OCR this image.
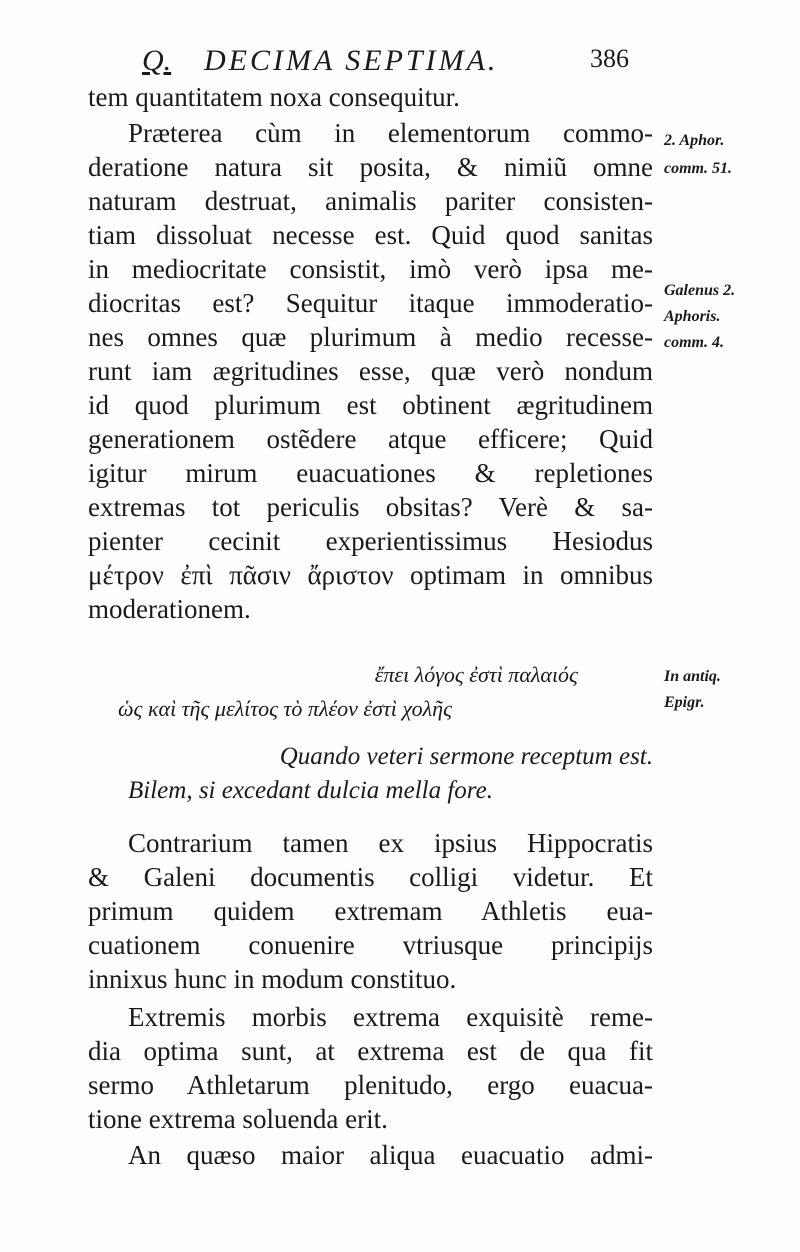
Q. DECIMA SEPTIMA.	386
tem quantitatem noxa consequitur.
Præterea cùm in elementorum commo-
deratione natura sit posita, & nimiũ omne
naturam destruat, animalis pariter consisten-
tiam dissoluat necesse est. Quid quod sanitas
in mediocritate consistit, imò verò ipsa me-
diocritas est? Sequitur itaque immoderatio-
nes omnes quæ plurimum à medio recesse-
runt iam ægritudines esse, quæ verò nondum
id quod plurimum est obtinent ægritudinem
generationem ostẽdere atque efficere; Quid
igitur mirum euacuationes & repletiones
extremas tot periculis obsitas? Verè & sa-
pienter cecinit experientissimus Hesiodus
μέτρον ἐπὶ πᾶσιν ἄριστον optimam in omnibus
moderationem.
ἔπει λόγος ἐστὶ παλαιός
ὡς καὶ τῆς μελίτος τὸ πλέον ἐστὶ χολῆς
Quando veteri sermone receptum est.
Bilem, si excedant dulcia mella fore.
Contrarium tamen ex ipsius Hippocratis
& Galeni documentis colligi videtur. Et
primum quidem extremam Athletis eua-
cuationem conuenire vtriusque principijs
innixus hunc in modum constituo.
Extremis morbis extrema exquisitè reme-
dia optima sunt, at extrema est de qua fit
sermo Athletarum plenitudo, ergo euacua-
tione extrema soluenda erit.
An quæso maior aliqua euacuatio admi-
2. Aphor.
comm. 51.
Galenus 2.
Aphoris.
comm. 4.
In antiq.
Epigr.
